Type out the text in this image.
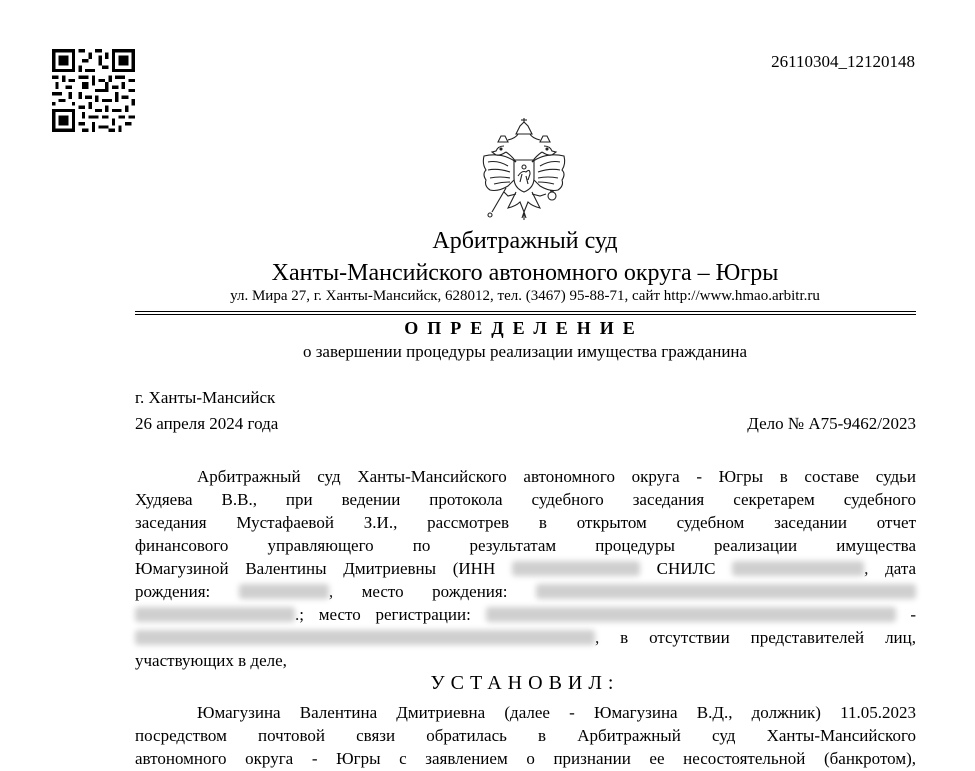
26110304_12120148
Арбитражный суд
Ханты-Мансийского автономного округа – Югры
ул. Мира 27, г. Ханты-Мансийск, 628012, тел. (3467) 95-88-71, сайт http://www.hmao.arbitr.ru
ОПРЕДЕЛЕНИЕ
о завершении процедуры реализации имущества гражданина
г. Ханты-Мансийск
26 апреля 2024 года	Дело № А75-9462/2023
Арбитражный суд Ханты-Мансийского автономного округа - Югры в составе судьи
Худяева В.В., при ведении протокола судебного заседания секретарем судебного
заседания Мустафаевой З.И., рассмотрев в открытом судебном заседании отчет
финансового управляющего по результатам процедуры реализации имущества
Юмагузиной Валентины Дмитриевны (ИНН	СНИЛС	, дата
рождения:	, место рождения:
.; место регистрации:	-
, в отсутствии представителей лиц,
участвующих в деле,
УСТАНОВИЛ:
Юмагузина Валентина Дмитриевна (далее - Юмагузина В.Д., должник) 11.05.2023
посредством почтовой связи обратилась в Арбитражный суд Ханты-Мансийского
автономного округа - Югры с заявлением о признании ее несостоятельной (банкротом),
